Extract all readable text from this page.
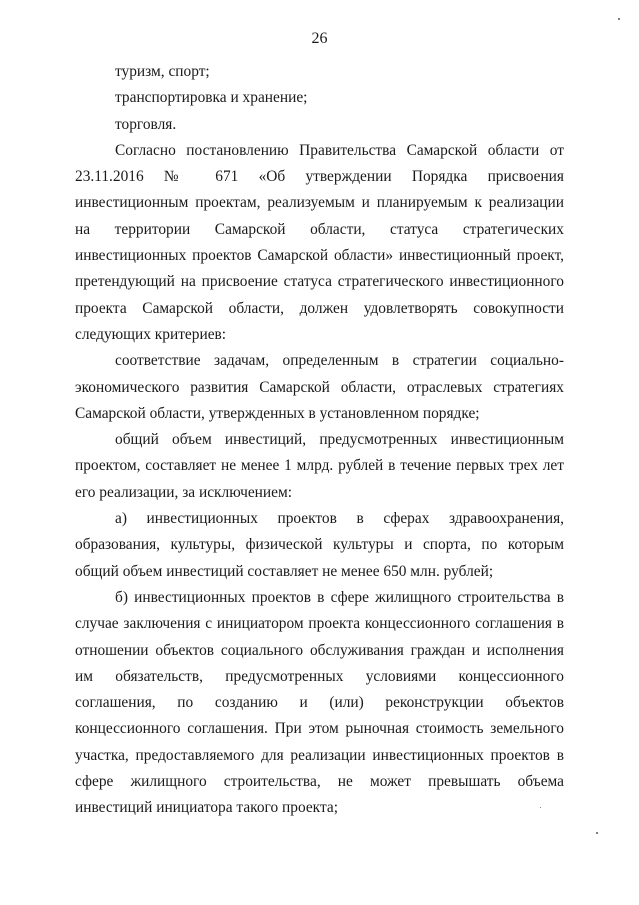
26

туризм, спорт;

транспортировка и хранение;

торговля.

Согласно постановлению Правительства Самарской области от 23.11.2016 № 671 «Об утверждении Порядка присвоения инвестиционным проектам, реализуемым и планируемым к реализации на территории Самарской области, статуса стратегических инвестиционных проектов Самарской области» инвестиционный проект, претендующий на присвоение статуса стратегического инвестиционного проекта Самарской области, должен удовлетворять совокупности следующих критериев:

соответствие задачам, определенным в стратегии социально-экономического развития Самарской области, отраслевых стратегиях Самарской области, утвержденных в установленном порядке;

общий объем инвестиций, предусмотренных инвестиционным проектом, составляет не менее 1 млрд. рублей в течение первых трех лет его реализации, за исключением:

а) инвестиционных проектов в сферах здравоохранения, образования, культуры, физической культуры и спорта, по которым общий объем инвестиций составляет не менее 650 млн. рублей;

б) инвестиционных проектов в сфере жилищного строительства в случае заключения с инициатором проекта концессионного соглашения в отношении объектов социального обслуживания граждан и исполнения им обязательств, предусмотренных условиями концессионного соглашения, по созданию и (или) реконструкции объектов концессионного соглашения. При этом рыночная стоимость земельного участка, предоставляемого для реализации инвестиционных проектов в сфере жилищного строительства, не может превышать объема инвестиций инициатора такого проекта;
